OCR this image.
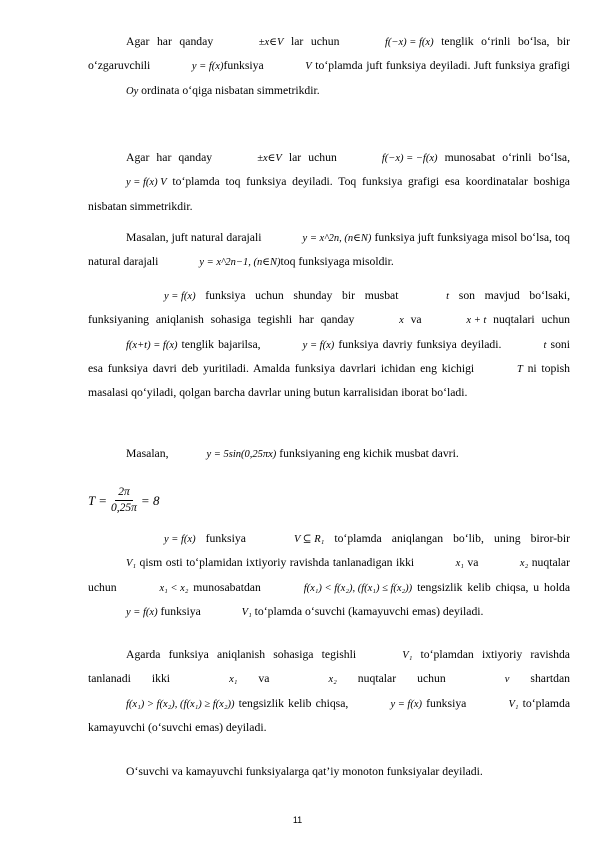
Agar har qanday	±x∈V lar uchun	f(−x) = f(x) tenglik o‘rinli bo‘lsa, bir o‘zgaruvchili	y = f(x)funksiya	V to‘plamda juft funksiya deyiladi. Juft funksiya grafigi Oy ordinata o‘qiga nisbatan simmetrikdir.

Agar har qanday	±x∈V lar uchun	f(−x) = −f(x) munosabat o‘rinli bo‘lsa, y = f(x) V to‘plamda toq funksiya deyiladi. Toq funksiya grafigi esa koordinatalar boshiga nisbatan simmetrikdir.

Masalan, juft natural darajali	y = x^2n, (n∈N) funksiya juft funksiyaga misol bo‘lsa, toq natural darajali	y = x^2n−1, (n∈N)toq funksiyaga misoldir.

y = f(x) funksiya uchun shunday bir musbat	t son mavjud bo‘lsaki, funksiyaning aniqlanish sohasiga tegishli har qanday	x va	x + t nuqtalari uchun f(x+t) = f(x) tenglik bajarilsa,	y = f(x) funksiya davriy funksiya deyiladi.	t soni esa funksiya davri deb yuritiladi. Amalda funksiya davrlari ichidan eng kichigi	T ni topish masalasi qo‘yiladi, qolgan barcha davrlar uning butun karralisidan iborat bo‘ladi.

Masalan,	y = 5sin(0,25πx) funksiyaning eng kichik musbat davri.

$T = \frac{2\pi}{0,25\pi} = 8$

y = f(x) funksiya	V ⊆ R₁ to‘plamda aniqlangan bo‘lib, uning biror-bir V₁ qism osti to‘plamidan ixtiyoriy ravishda tanlanadigan ikki	x₁ va	x₂ nuqtalar uchun	x₁ < x₂ munosabatdan	f(x₁) < f(x₂), (f(x₁) ≤ f(x₂)) tengsizlik kelib chiqsa, u holda y = f(x) funksiya	V₁ to‘plamda o‘suvchi (kamayuvchi emas) deyiladi.

Agarda funksiya aniqlanish sohasiga tegishli	V₁ to‘plamdan ixtiyoriy ravishda tanlanadi ikki	x₁ va	x₂ nuqtalar uchun	v shartdan f(x₁) > f(x₂), (f(x₁) ≥ f(x₂)) tengsizlik kelib chiqsa,	y = f(x) funksiya	V₁ to‘plamda kamayuvchi (o‘suvchi emas) deyiladi.

O‘suvchi va kamayuvchi funksiyalarga qat’iy monoton funksiyalar deyiladi.

11
